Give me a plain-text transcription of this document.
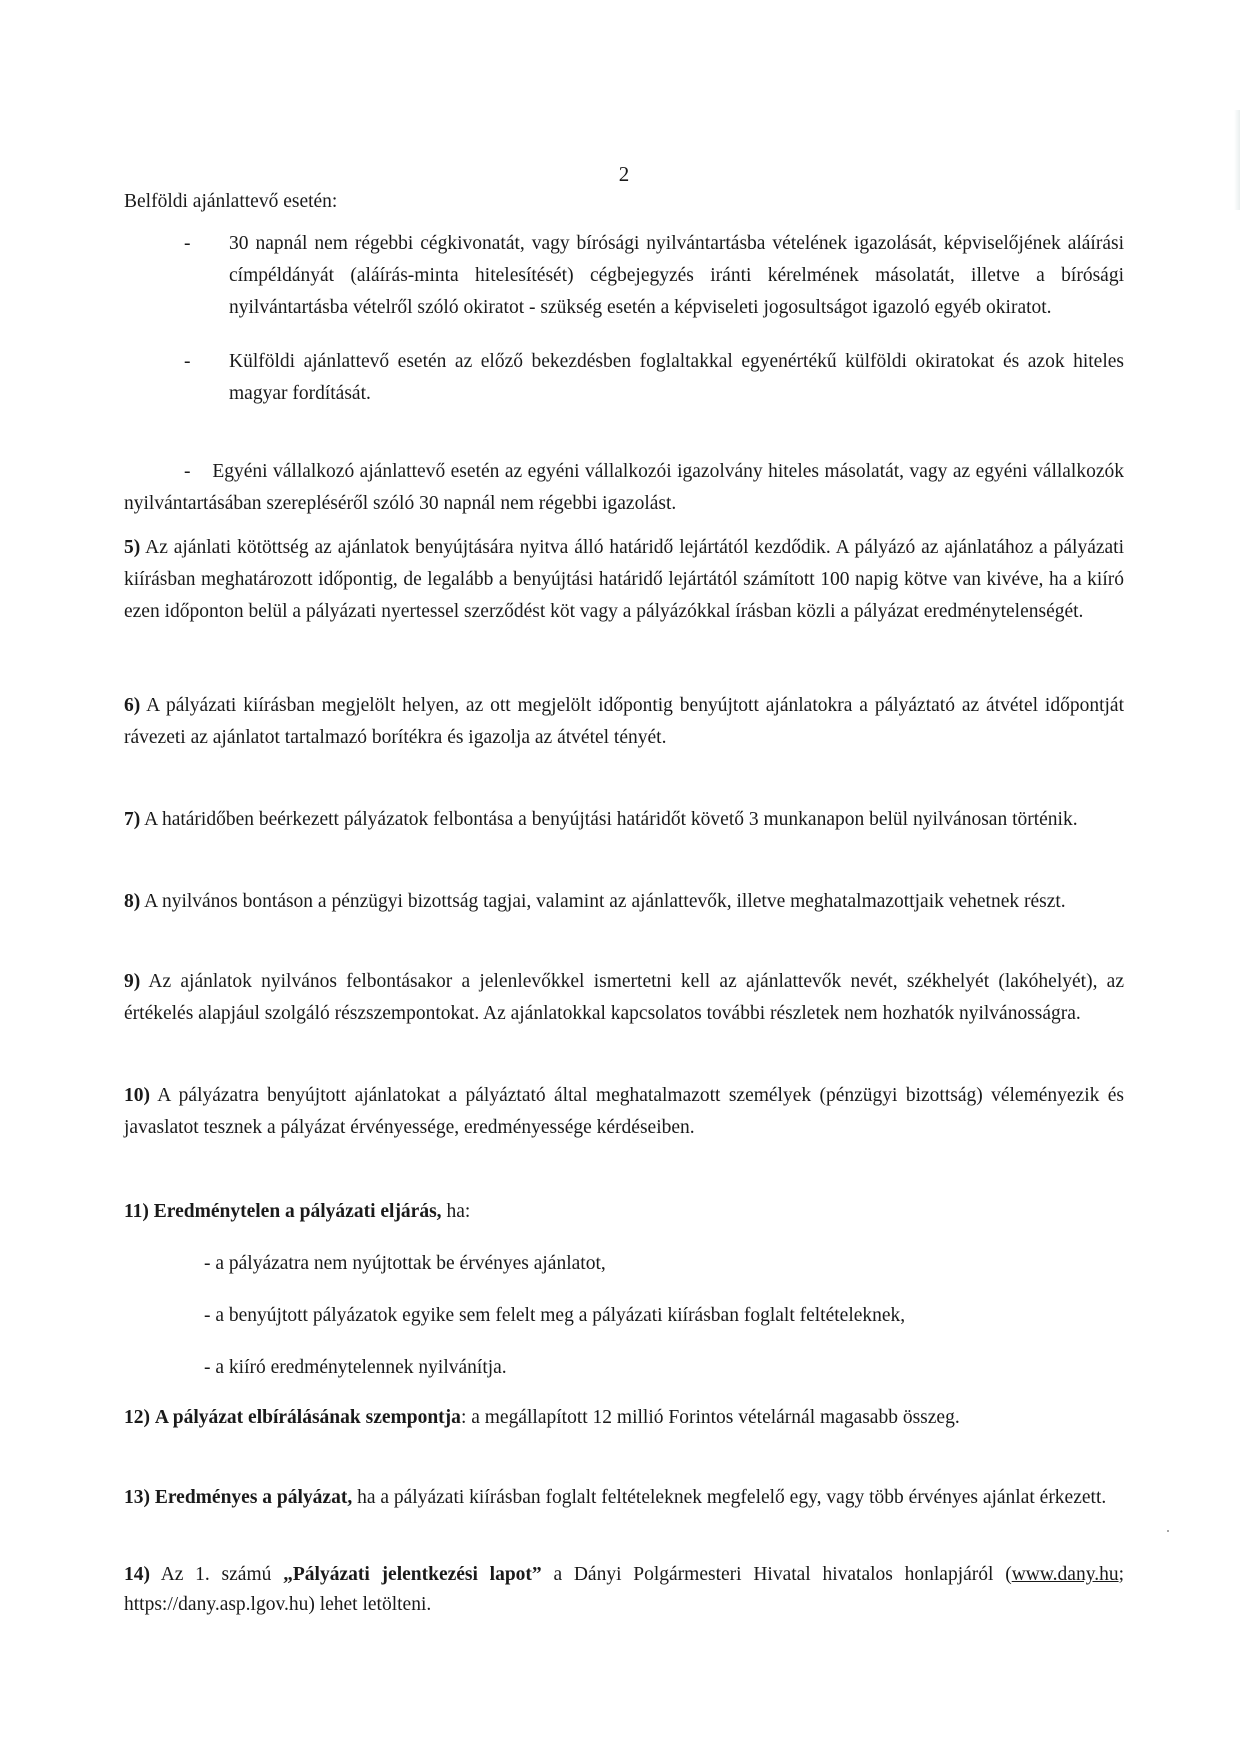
2

Belföldi ajánlattevő esetén:

- 30 napnál nem régebbi cégkivonatát, vagy bírósági nyilvántartásba vételének igazolását, képviselőjének aláírási címpéldányát (aláírás-minta hitelesítését) cégbejegyzés iránti kérelmének másolatát, illetve a bírósági nyilvántartásba vételről szóló okiratot - szükség esetén a képviseleti jogosultságot igazoló egyéb okiratot.
- Külföldi ajánlattevő esetén az előző bekezdésben foglaltakkal egyenértékű külföldi okiratokat és azok hiteles magyar fordítását.

- Egyéni vállalkozó ajánlattevő esetén az egyéni vállalkozói igazolvány hiteles másolatát, vagy az egyéni vállalkozók nyilvántartásában szerepléséről szóló 30 napnál nem régebbi igazolást.

5) Az ajánlati kötöttség az ajánlatok benyújtására nyitva álló határidő lejártától kezdődik. A pályázó az ajánlatához a pályázati kiírásban meghatározott időpontig, de legalább a benyújtási határidő lejártától számított 100 napig kötve van kivéve, ha a kiíró ezen időponton belül a pályázati nyertessel szerződést köt vagy a pályázókkal írásban közli a pályázat eredménytelenségét.

6) A pályázati kiírásban megjelölt helyen, az ott megjelölt időpontig benyújtott ajánlatokra a pályáztató az átvétel időpontját rávezeti az ajánlatot tartalmazó borítékra és igazolja az átvétel tényét.

7) A határidőben beérkezett pályázatok felbontása a benyújtási határidőt követő 3 munkanapon belül nyilvánosan történik.

8) A nyilvános bontáson a pénzügyi bizottság tagjai, valamint az ajánlattevők, illetve meghatalmazottjaik vehetnek részt.

9) Az ajánlatok nyilvános felbontásakor a jelenlevőkkel ismertetni kell az ajánlattevők nevét, székhelyét (lakóhelyét), az értékelés alapjául szolgáló részszempontokat. Az ajánlatokkal kapcsolatos további részletek nem hozhatók nyilvánosságra.

10) A pályázatra benyújtott ajánlatokat a pályáztató által meghatalmazott személyek (pénzügyi bizottság) véleményezik és javaslatot tesznek a pályázat érvényessége, eredményessége kérdéseiben.

11) Eredménytelen a pályázati eljárás, ha:

- a pályázatra nem nyújtottak be érvényes ajánlatot,

- a benyújtott pályázatok egyike sem felelt meg a pályázati kiírásban foglalt feltételeknek,

- a kiíró eredménytelennek nyilvánítja.

12) A pályázat elbírálásának szempontja: a megállapított 12 millió Forintos vételárnál magasabb összeg.

13) Eredményes a pályázat, ha a pályázati kiírásban foglalt feltételeknek megfelelő egy, vagy több érvényes ajánlat érkezett.

14) Az 1. számú „Pályázati jelentkezési lapot” a Dányi Polgármesteri Hivatal hivatalos honlapjáról (www.dany.hu; https://dany.asp.lgov.hu) lehet letölteni.
